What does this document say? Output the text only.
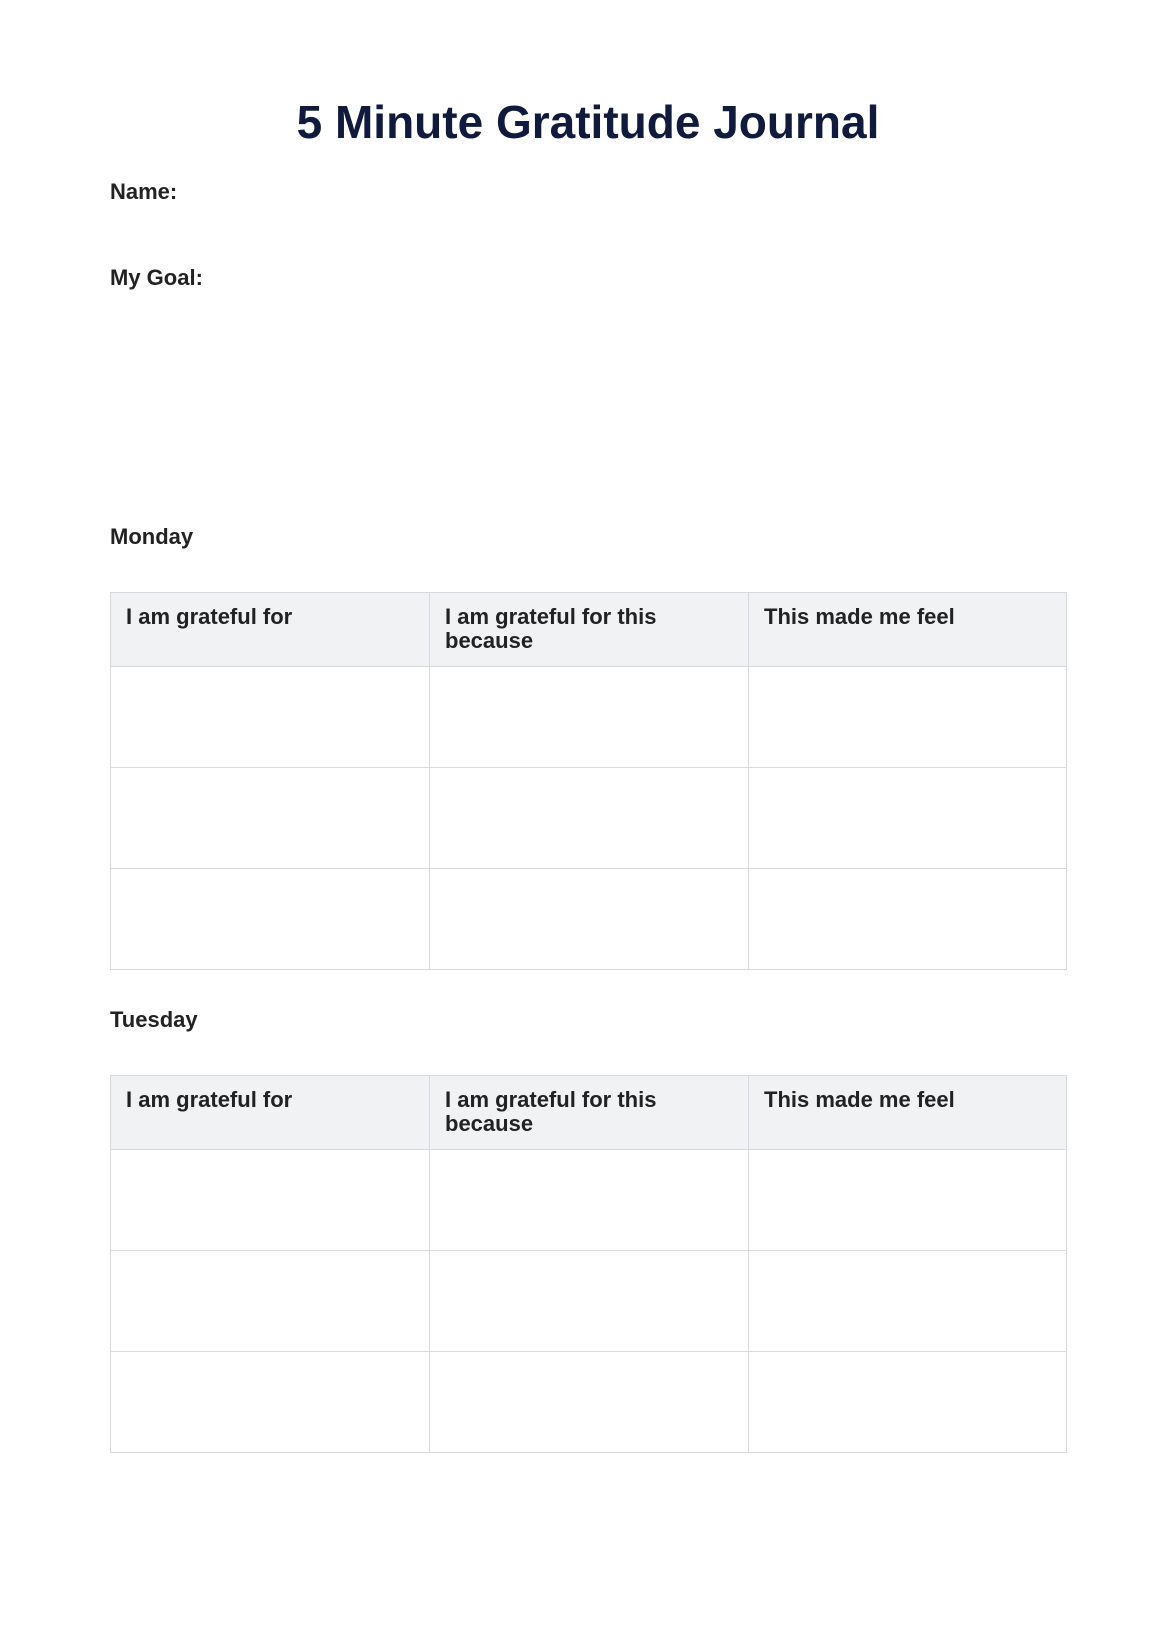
5 Minute Gratitude Journal
Name:
My Goal:
Monday
I am grateful for	I am grateful for this because	This made me feel

Tuesday
I am grateful for	I am grateful for this because	This made me feel
